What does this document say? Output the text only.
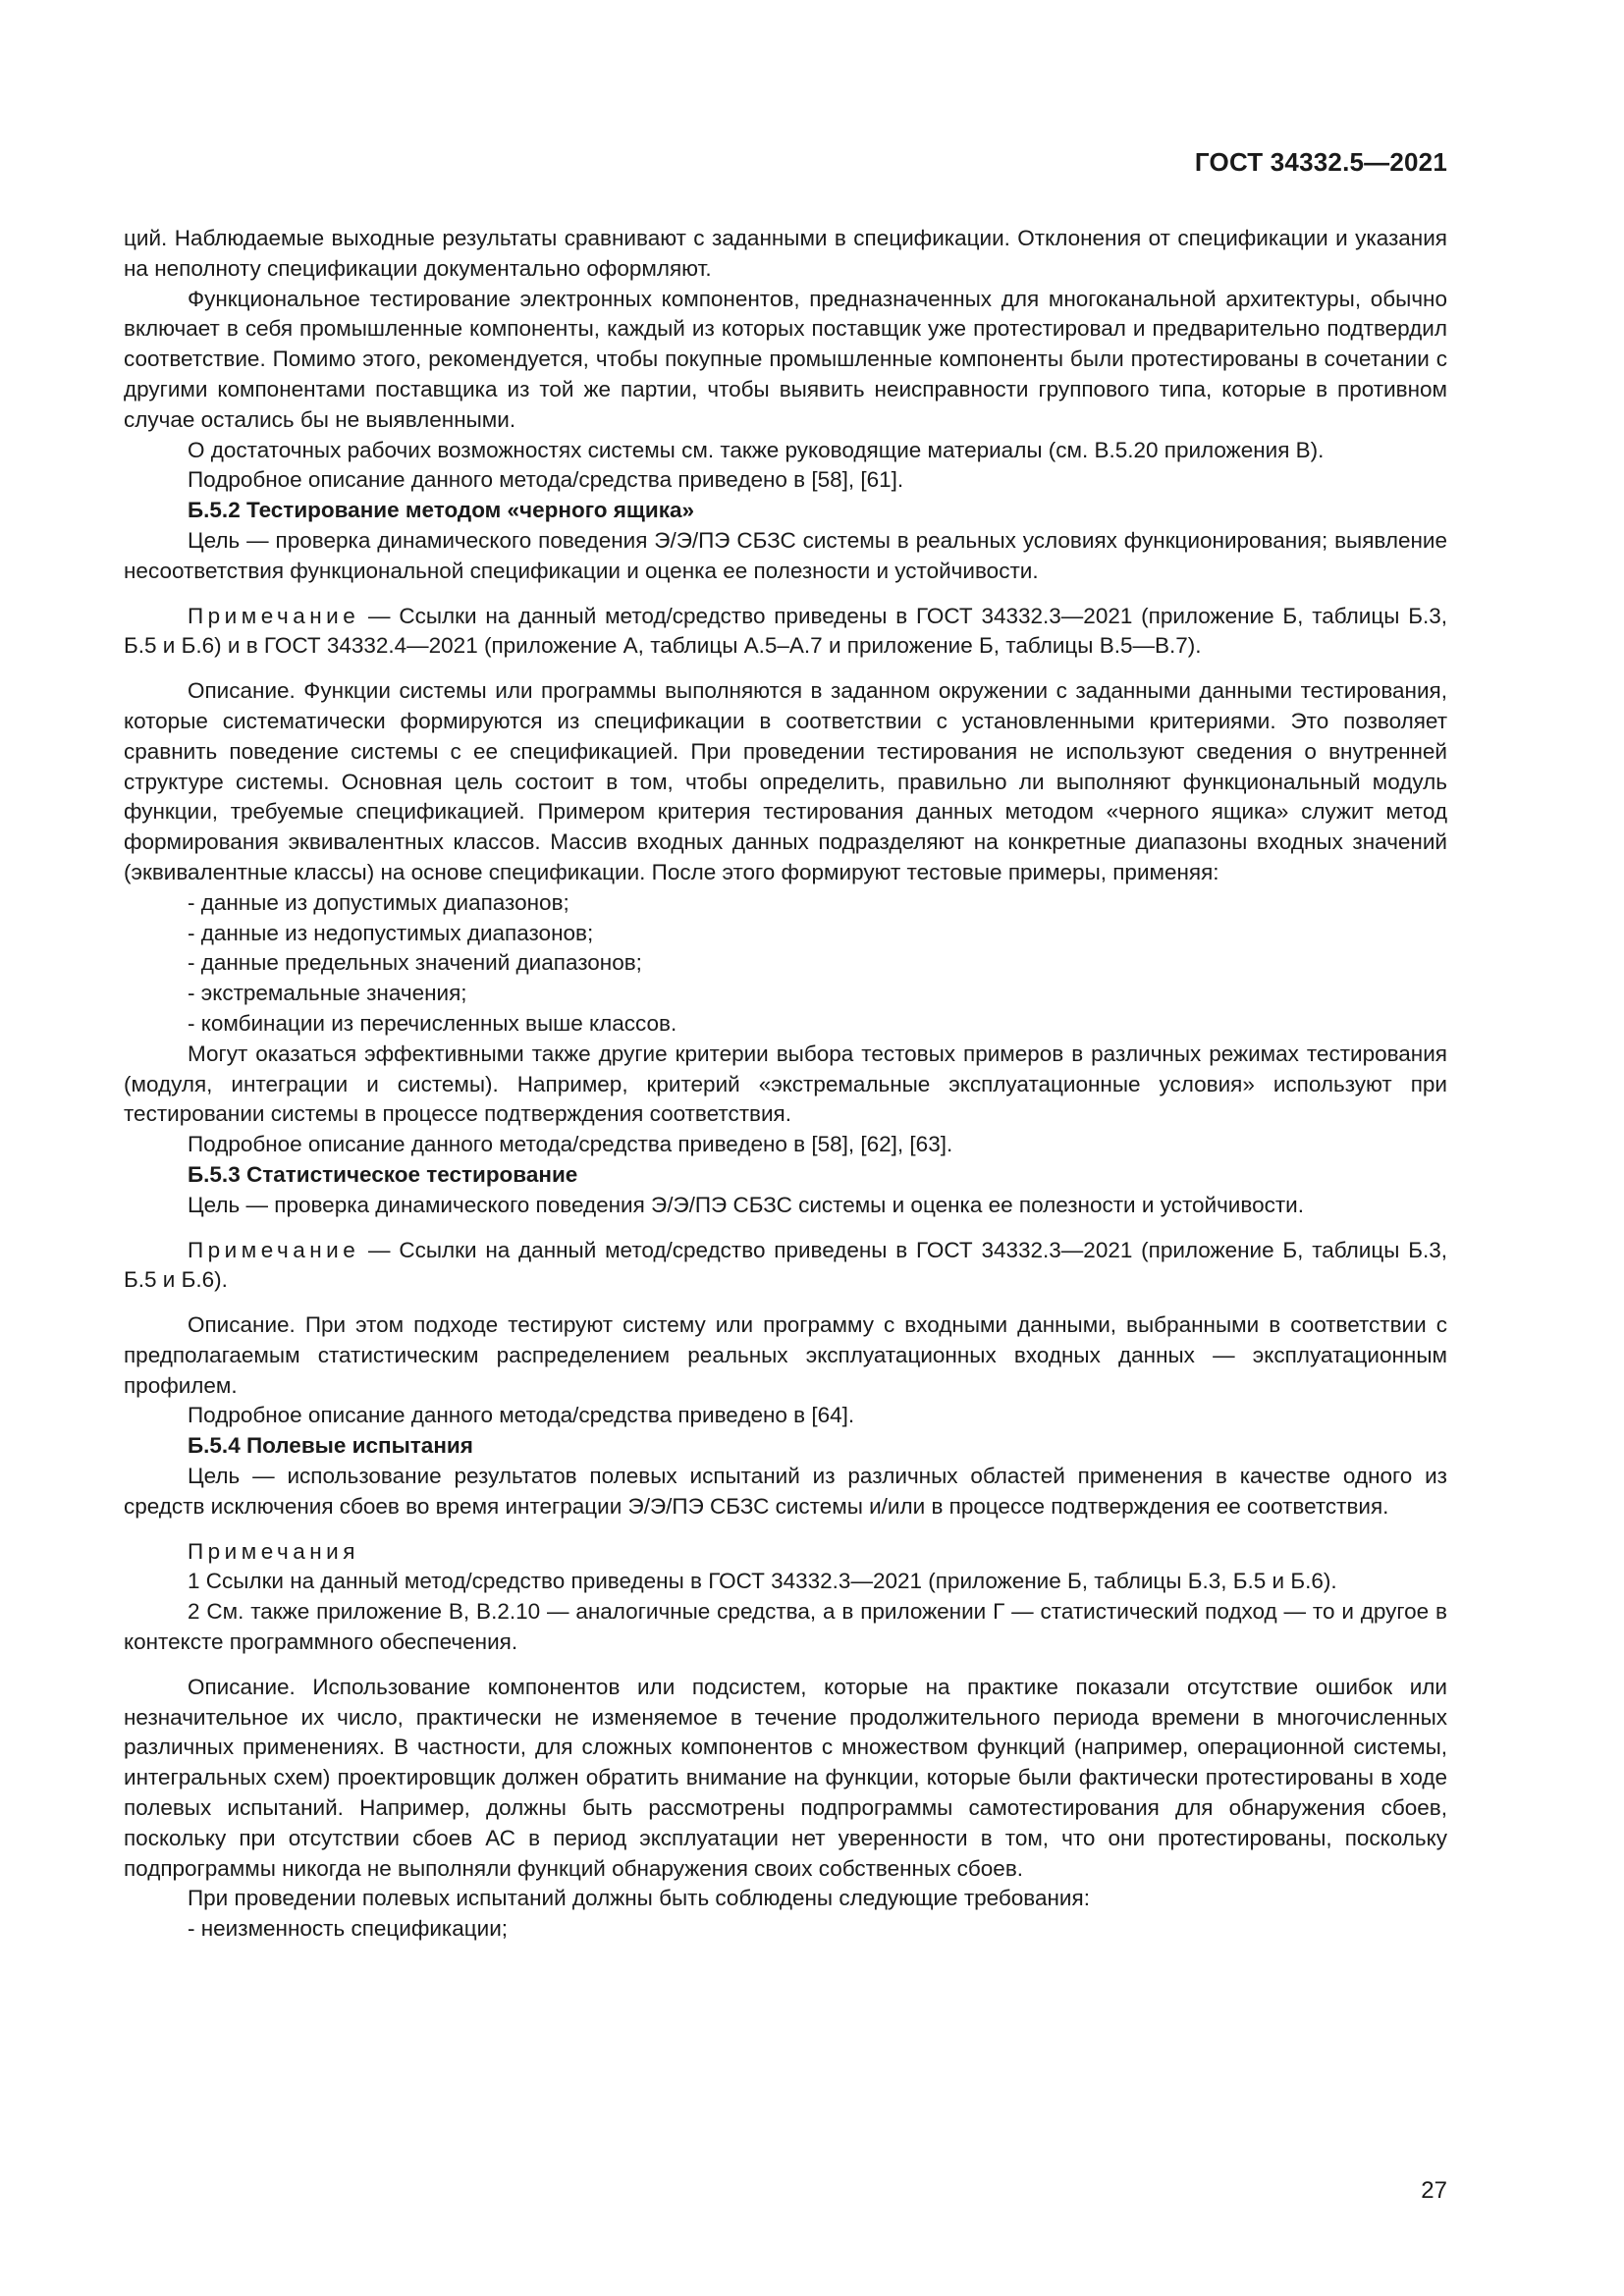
ГОСТ 34332.5—2021

ций. Наблюдаемые выходные результаты сравнивают с заданными в спецификации. Отклонения от спецификации и указания на неполноту спецификации документально оформляют.

Функциональное тестирование электронных компонентов, предназначенных для многоканальной архитектуры, обычно включает в себя промышленные компоненты, каждый из которых поставщик уже протестировал и предварительно подтвердил соответствие. Помимо этого, рекомендуется, чтобы покупные промышленные компоненты были протестированы в сочетании с другими компонентами поставщика из той же партии, чтобы выявить неисправности группового типа, которые в противном случае остались бы не выявленными.

О достаточных рабочих возможностях системы см. также руководящие материалы (см. В.5.20 приложения В).

Подробное описание данного метода/средства приведено в [58], [61].

Б.5.2 Тестирование методом «черного ящика»

Цель — проверка динамического поведения Э/Э/ПЭ СБЗС системы в реальных условиях функционирования; выявление несоответствия функциональной спецификации и оценка ее полезности и устойчивости.

Примечание — Ссылки на данный метод/средство приведены в ГОСТ 34332.3—2021 (приложение Б, таблицы Б.3, Б.5 и Б.6) и в ГОСТ 34332.4—2021 (приложение А, таблицы А.5–А.7 и приложение Б, таблицы В.5—В.7).

Описание. Функции системы или программы выполняются в заданном окружении с заданными данными тестирования, которые систематически формируются из спецификации в соответствии с установленными критериями. Это позволяет сравнить поведение системы с ее спецификацией. При проведении тестирования не используют сведения о внутренней структуре системы. Основная цель состоит в том, чтобы определить, правильно ли выполняют функциональный модуль функции, требуемые спецификацией. Примером критерия тестирования данных методом «черного ящика» служит метод формирования эквивалентных классов. Массив входных данных подразделяют на конкретные диапазоны входных значений (эквивалентные классы) на основе спецификации. После этого формируют тестовые примеры, применяя:

- данные из допустимых диапазонов;

- данные из недопустимых диапазонов;

- данные предельных значений диапазонов;

- экстремальные значения;

- комбинации из перечисленных выше классов.

Могут оказаться эффективными также другие критерии выбора тестовых примеров в различных режимах тестирования (модуля, интеграции и системы). Например, критерий «экстремальные эксплуатационные условия» используют при тестировании системы в процессе подтверждения соответствия.

Подробное описание данного метода/средства приведено в [58], [62], [63].

Б.5.3 Статистическое тестирование

Цель — проверка динамического поведения Э/Э/ПЭ СБЗС системы и оценка ее полезности и устойчивости.

Примечание — Ссылки на данный метод/средство приведены в ГОСТ 34332.3—2021 (приложение Б, таблицы Б.3, Б.5 и Б.6).

Описание. При этом подходе тестируют систему или программу с входными данными, выбранными в соответствии с предполагаемым статистическим распределением реальных эксплуатационных входных данных — эксплуатационным профилем.

Подробное описание данного метода/средства приведено в [64].

Б.5.4 Полевые испытания

Цель — использование результатов полевых испытаний из различных областей применения в качестве одного из средств исключения сбоев во время интеграции Э/Э/ПЭ СБЗС системы и/или в процессе подтверждения ее соответствия.

Примечания

1 Ссылки на данный метод/средство приведены в ГОСТ 34332.3—2021 (приложение Б, таблицы Б.3, Б.5 и Б.6).

2 См. также приложение В, В.2.10 — аналогичные средства, а в приложении Г — статистический подход — то и другое в контексте программного обеспечения.

Описание. Использование компонентов или подсистем, которые на практике показали отсутствие ошибок или незначительное их число, практически не изменяемое в течение продолжительного периода времени в многочисленных различных применениях. В частности, для сложных компонентов с множеством функций (например, операционной системы, интегральных схем) проектировщик должен обратить внимание на функции, которые были фактически протестированы в ходе полевых испытаний. Например, должны быть рассмотрены подпрограммы самотестирования для обнаружения сбоев, поскольку при отсутствии сбоев АС в период эксплуатации нет уверенности в том, что они протестированы, поскольку подпрограммы никогда не выполняли функций обнаружения своих собственных сбоев.

При проведении полевых испытаний должны быть соблюдены следующие требования:

- неизменность спецификации;

27
